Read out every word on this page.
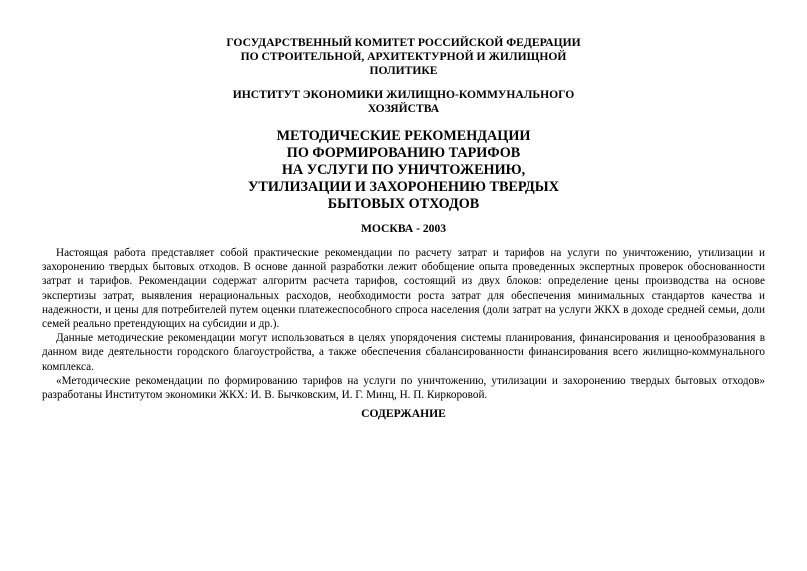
ГОСУДАРСТВЕННЫЙ КОМИТЕТ РОССИЙСКОЙ ФЕДЕРАЦИИ
ПО СТРОИТЕЛЬНОЙ, АРХИТЕКТУРНОЙ И ЖИЛИЩНОЙ
ПОЛИТИКЕ
ИНСТИТУТ ЭКОНОМИКИ ЖИЛИЩНО-КОММУНАЛЬНОГО
ХОЗЯЙСТВА
МЕТОДИЧЕСКИЕ РЕКОМЕНДАЦИИ
ПО ФОРМИРОВАНИЮ ТАРИФОВ
НА УСЛУГИ ПО УНИЧТОЖЕНИЮ,
УТИЛИЗАЦИИ И ЗАХОРОНЕНИЮ ТВЕРДЫХ
БЫТОВЫХ ОТХОДОВ
МОСКВА - 2003

Настоящая работа представляет собой практические рекомендации по расчету затрат и тарифов на услуги по уничтожению, утилизации и захоронению твердых бытовых отходов. В основе данной разработки лежит обобщение опыта проведенных экспертных проверок обоснованности затрат и тарифов. Рекомендации содержат алгоритм расчета тарифов, состоящий из двух блоков: определение цены производства на основе экспертизы затрат, выявления нерациональных расходов, необходимости роста затрат для обеспечения минимальных стандартов качества и надежности, и цены для потребителей путем оценки платежеспособного спроса населения (доли затрат на услуги ЖКХ в доходе средней семьи, доли семей реально претендующих на субсидии и др.).

Данные методические рекомендации могут использоваться в целях упорядочения системы планирования, финансирования и ценообразования в данном виде деятельности городского благоустройства, а также обеспечения сбалансированности финансирования всего жилищно-коммунального комплекса.

«Методические рекомендации по формированию тарифов на услуги по уничтожению, утилизации и захоронению твердых бытовых отходов» разработаны Институтом экономики ЖКХ: И. В. Бычковским, И. Г. Минц, Н. П. Киркоровой.

СОДЕРЖАНИЕ
